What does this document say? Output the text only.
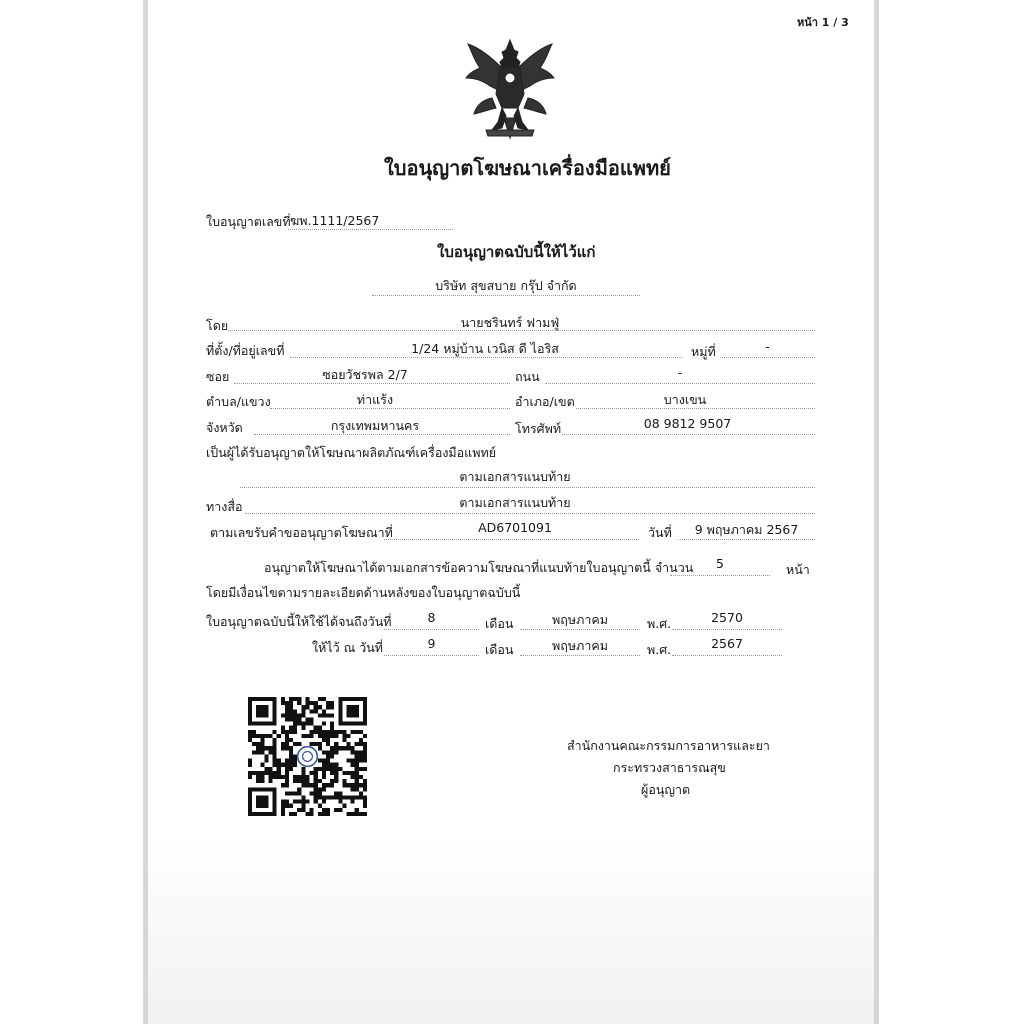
หน้า 1 / 3
ใบอนุญาตโฆษณาเครื่องมือแพทย์
ใบอนุญาตเลขที่ ฆพ.1111/2567
ใบอนุญาตฉบับนี้ให้ไว้แก่
บริษัท สุขสบาย กรุ๊ป จำกัด
โดย	นายชรินทร์ ฟามฟู่
ที่ตั้ง/ที่อยู่เลขที่	1/24 หมู่บ้าน เวนิส ดี ไอริส	หมู่ที่	-
ซอย	ซอยวัชรพล 2/7	ถนน	-
ตำบล/แขวง	ท่าแร้ง	อำเภอ/เขต	บางเขน
จังหวัด	กรุงเทพมหานคร	โทรศัพท์	08 9812 9507
เป็นผู้ได้รับอนุญาตให้โฆษณาผลิตภัณฑ์เครื่องมือแพทย์
ตามเอกสารแนบท้าย
ทางสื่อ	ตามเอกสารแนบท้าย
ตามเลขรับคำขออนุญาตโฆษณาที่	AD6701091	วันที่	9 พฤษภาคม 2567
อนุญาตให้โฆษณาได้ตามเอกสารข้อความโฆษณาที่แนบท้ายใบอนุญาตนี้ จำนวน	5	หน้า
โดยมีเงื่อนไขตามรายละเอียดด้านหลังของใบอนุญาตฉบับนี้
ใบอนุญาตฉบับนี้ให้ใช้ได้จนถึงวันที่	8	เดือน	พฤษภาคม	พ.ศ.	2570
ให้ไว้ ณ วันที่	9	เดือน	พฤษภาคม	พ.ศ.	2567
สำนักงานคณะกรรมการอาหารและยา
กระทรวงสาธารณสุข
ผู้อนุญาต
